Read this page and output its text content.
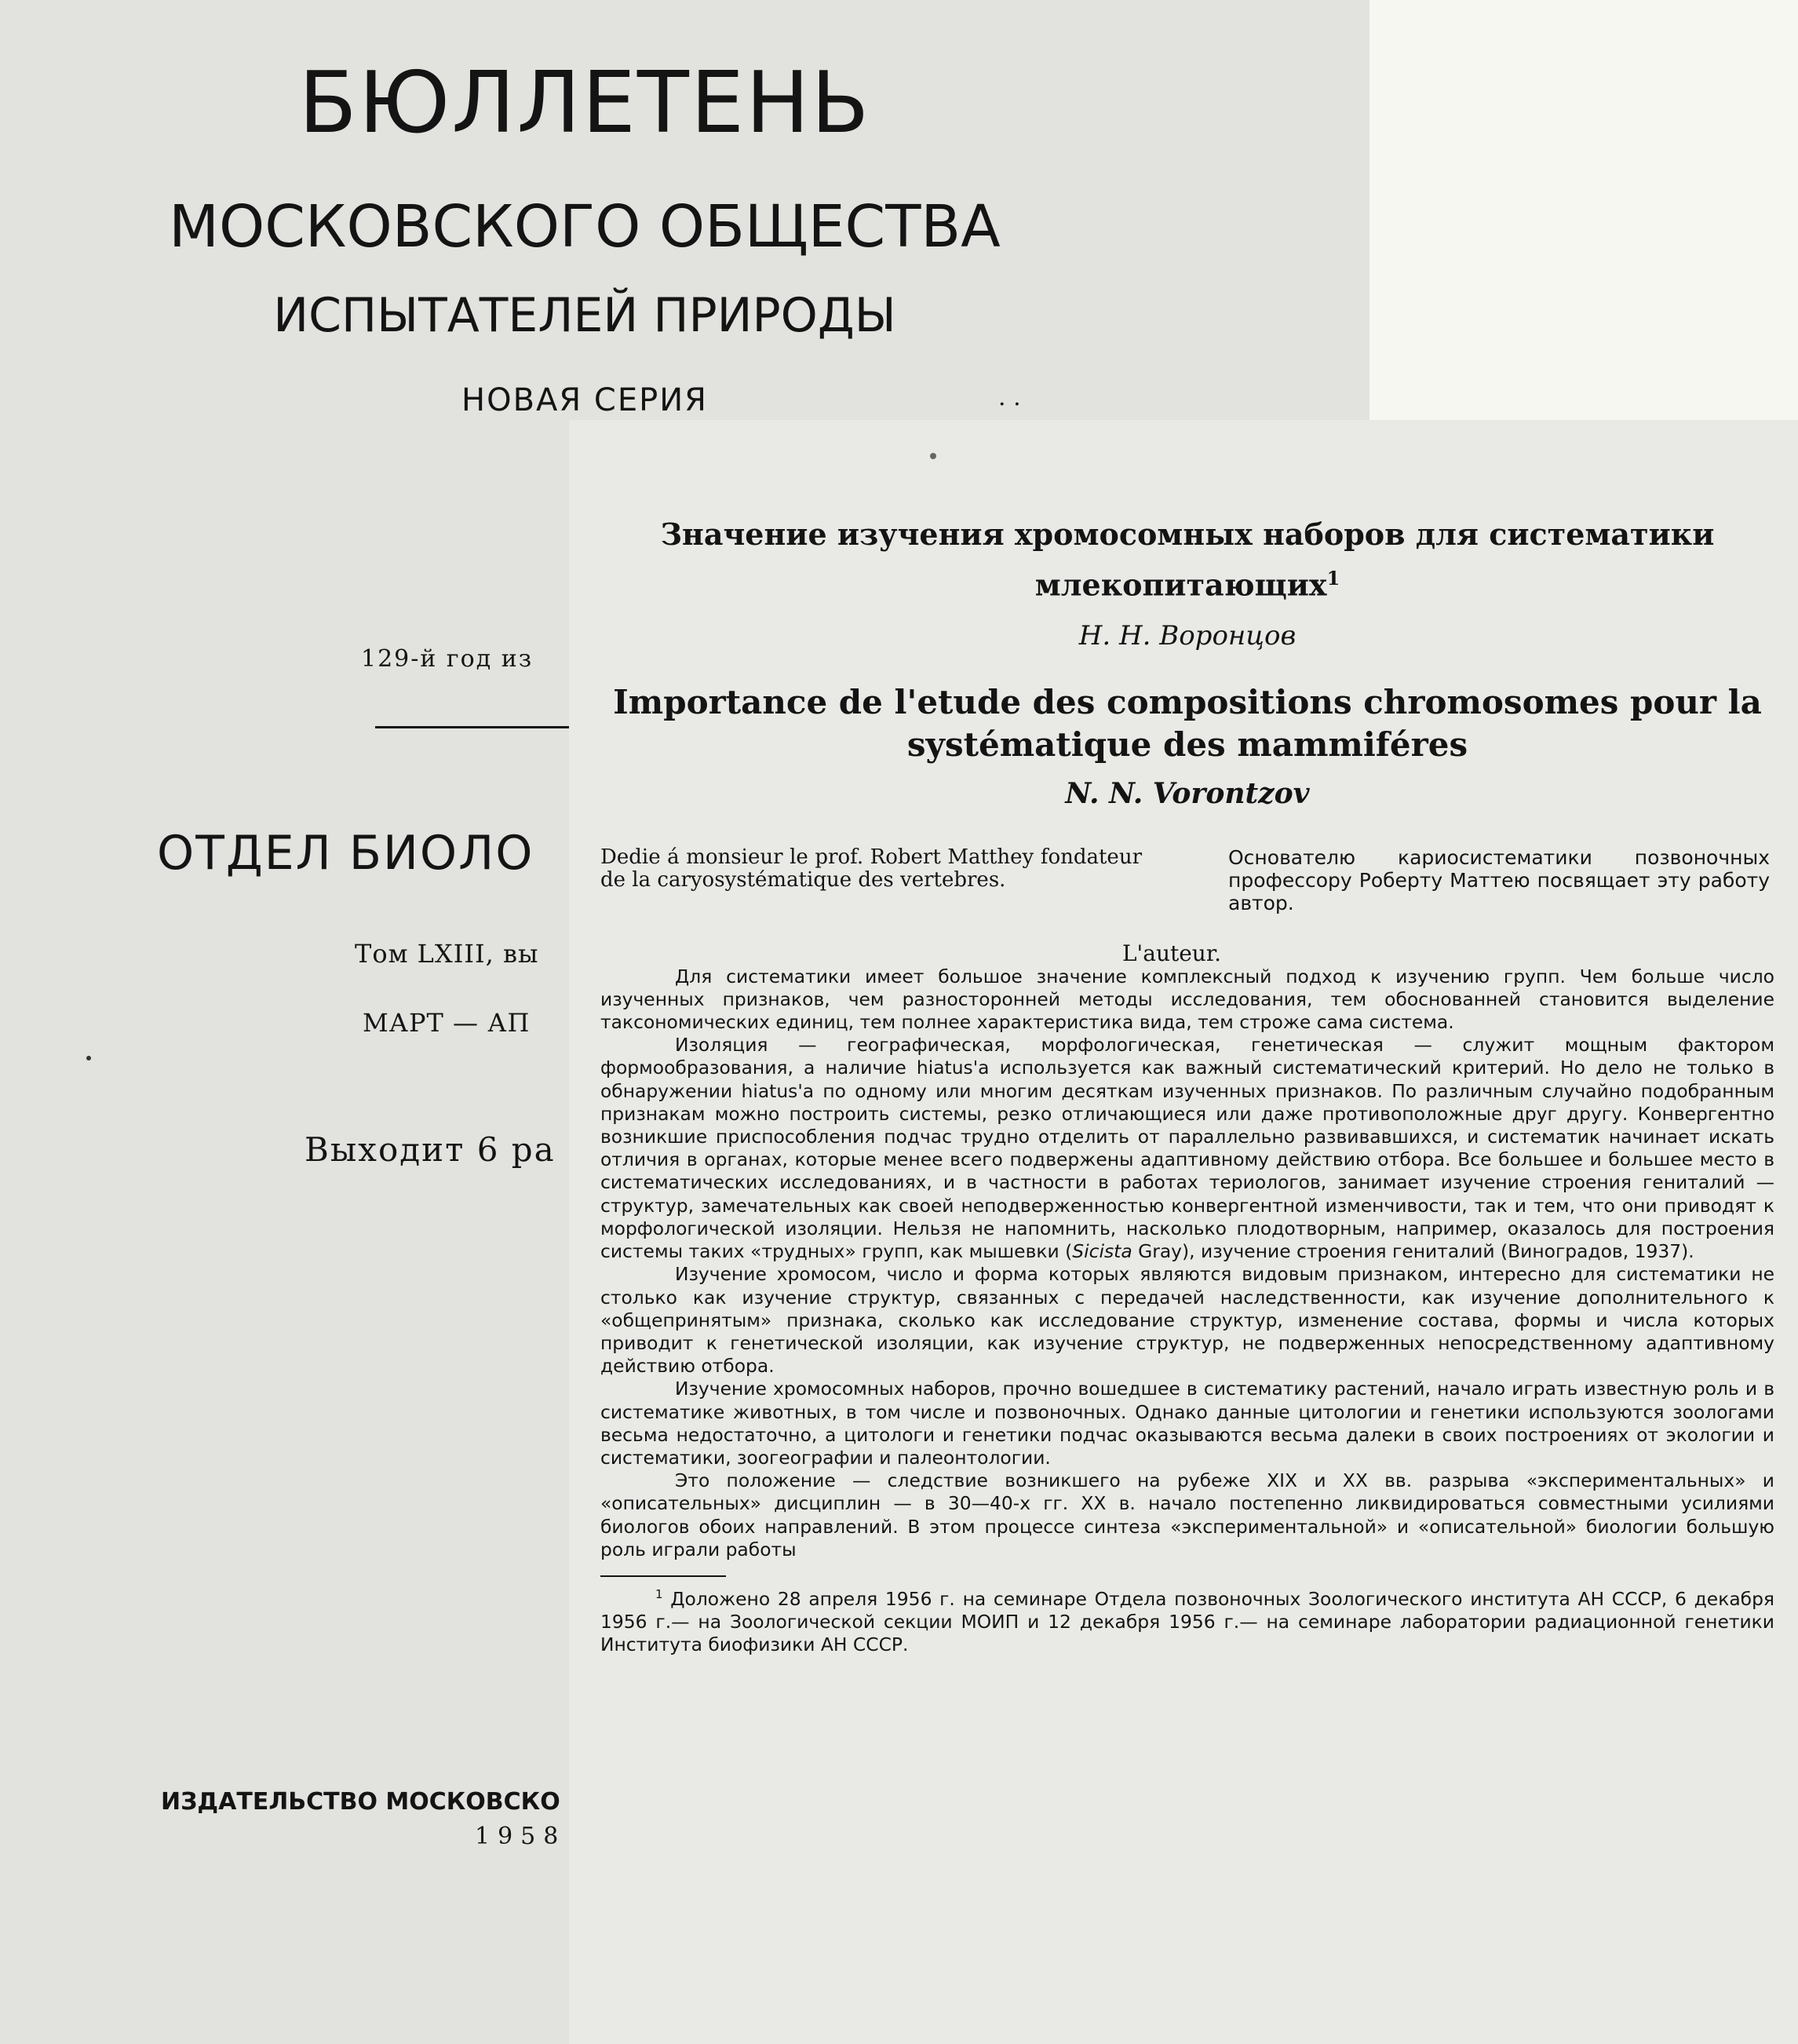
БЮЛЛЕТЕНЬ
МОСКОВСКОГО ОБЩЕСТВА
ИСПЫТАТЕЛЕЙ ПРИРОДЫ
НОВАЯ СЕРИЯ	· ·
129-й год из
ОТДЕЛ БИОЛО
Том LXIII, вы
МАРТ — АП
Выходит 6 ра
ИЗДАТЕЛЬСТВО МОСКОВСКО
1958
Значение изучения хромосомных наборов для систематики млекопитающих$^1$
Н. Н. Воронцов
Importance de l'etude des compositions chromosomes pour la systématique des mammiféres
N. N. Vorontzov
Dedie á monsieur le prof. Robert Matthey fondateur de la caryosystématique des vertebres.
Основателю кариосистематики позвоночных профессору Роберту Маттею посвящает эту работу автор.
L'auteur.

Для систематики имеет большое значение комплексный подход к изучению групп. Чем больше число изученных признаков, чем разносторонней методы исследования, тем обоснованней становится выделение таксономических единиц, тем полнее характеристика вида, тем строже сама система.

Изоляция — географическая, морфологическая, генетическая — служит мощным фактором формообразования, а наличие hiatus'а используется как важный систематический критерий. Но дело не только в обнаружении hiatus'а по одному или многим десяткам изученных признаков. По различным случайно подобранным признакам можно построить системы, резко отличающиеся или даже противоположные друг другу. Конвергентно возникшие приспособления подчас трудно отделить от параллельно развивавшихся, и систематик начинает искать отличия в органах, которые менее всего подвержены адаптивному действию отбора. Все большее и большее место в систематических исследованиях, и в частности в работах териологов, занимает изучение строения гениталий — структур, замечательных как своей неподверженностью конвергентной изменчивости, так и тем, что они приводят к морфологической изоляции. Нельзя не напомнить, насколько плодотворным, например, оказалось для построения системы таких «трудных» групп, как мышевки (Sicista Gray), изучение строения гениталий (Виноградов, 1937).

Изучение хромосом, число и форма которых являются видовым признаком, интересно для систематики не столько как изучение структур, связанных с передачей наследственности, как изучение дополнительного к «общепринятым» признака, сколько как исследование структур, изменение состава, формы и числа которых приводит к генетической изоляции, как изучение структур, не подверженных непосредственному адаптивному действию отбора.

Изучение хромосомных наборов, прочно вошедшее в систематику растений, начало играть известную роль и в систематике животных, в том числе и позвоночных. Однако данные цитологии и генетики используются зоологами весьма недостаточно, а цитологи и генетики подчас оказываются весьма далеки в своих построениях от экологии и систематики, зоогеографии и палеонтологии.

Это положение — следствие возникшего на рубеже XIX и XX вв. разрыва «экспериментальных» и «описательных» дисциплин — в 30—40-х гг. XX в. начало постепенно ликвидироваться совместными усилиями биологов обоих направлений. В этом процессе синтеза «экспериментальной» и «описательной» биологии большую роль играли работы

$^1$ Доложено 28 апреля 1956 г. на семинаре Отдела позвоночных Зоологического института АН СССР, 6 декабря 1956 г.— на Зоологической секции МОИП и 12 декабря 1956 г.— на семинаре лаборатории радиационной генетики Института биофизики АН СССР.
